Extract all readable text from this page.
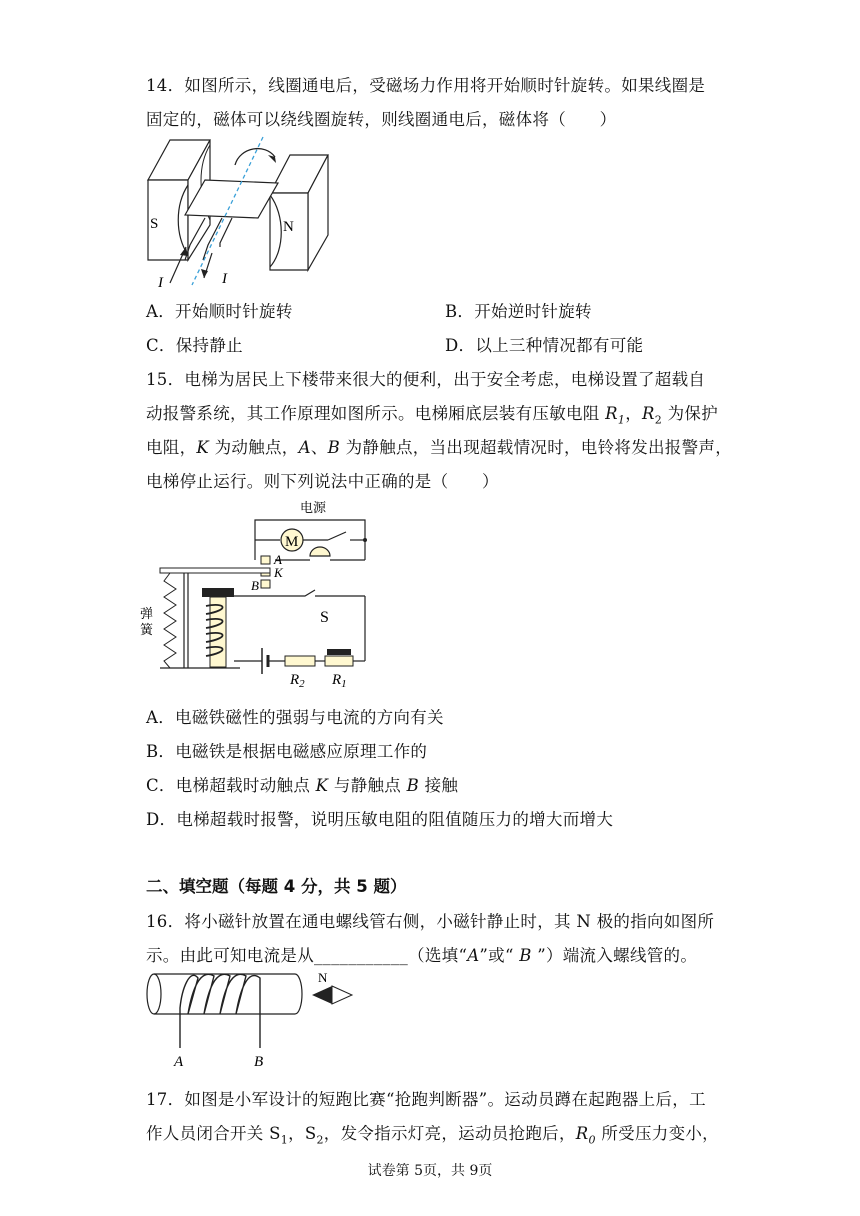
14．如图所示，线圈通电后，受磁场力作用将开始顺时针旋转。如果线圈是
固定的，磁体可以绕线圈旋转，则线圈通电后，磁体将（　　）
S	N
I	I
A．开始顺时针旋转	B．开始逆时针旋转
C．保持静止	D．以上三种情况都有可能
15．电梯为居民上下楼带来很大的便利，出于安全考虑，电梯设置了超载自
动报警系统，其工作原理如图所示。电梯厢底层装有压敏电阻 $R_1$，$R_2$ 为保护
电阻，K 为动触点，A、B 为静触点，当出现超载情况时，电铃将发出报警声，
电梯停止运行。则下列说法中正确的是（　　）
M
电源
A
K
B
弹
簧
S
$R_2$ $R_1$
A．电磁铁磁性的强弱与电流的方向有关
B．电磁铁是根据电磁感应原理工作的
C．电梯超载时动触点 K 与静触点 B 接触
D．电梯超载时报警，说明压敏电阻的阻值随压力的增大而增大
二、填空题（每题 4 分，共 5 题）
16．将小磁针放置在通电螺线管右侧，小磁针静止时，其 N 极的指向如图所
示。由此可知电流是从___________（选填“A”或“ B ”）端流入螺线管的。
A	B
N
17．如图是小军设计的短跑比赛“抢跑判断器”。运动员蹲在起跑器上后，工
作人员闭合开关 $S_1$，$S_2$，发令指示灯亮，运动员抢跑后，$R_0$ 所受压力变小，
试卷第 5页，共 9页
